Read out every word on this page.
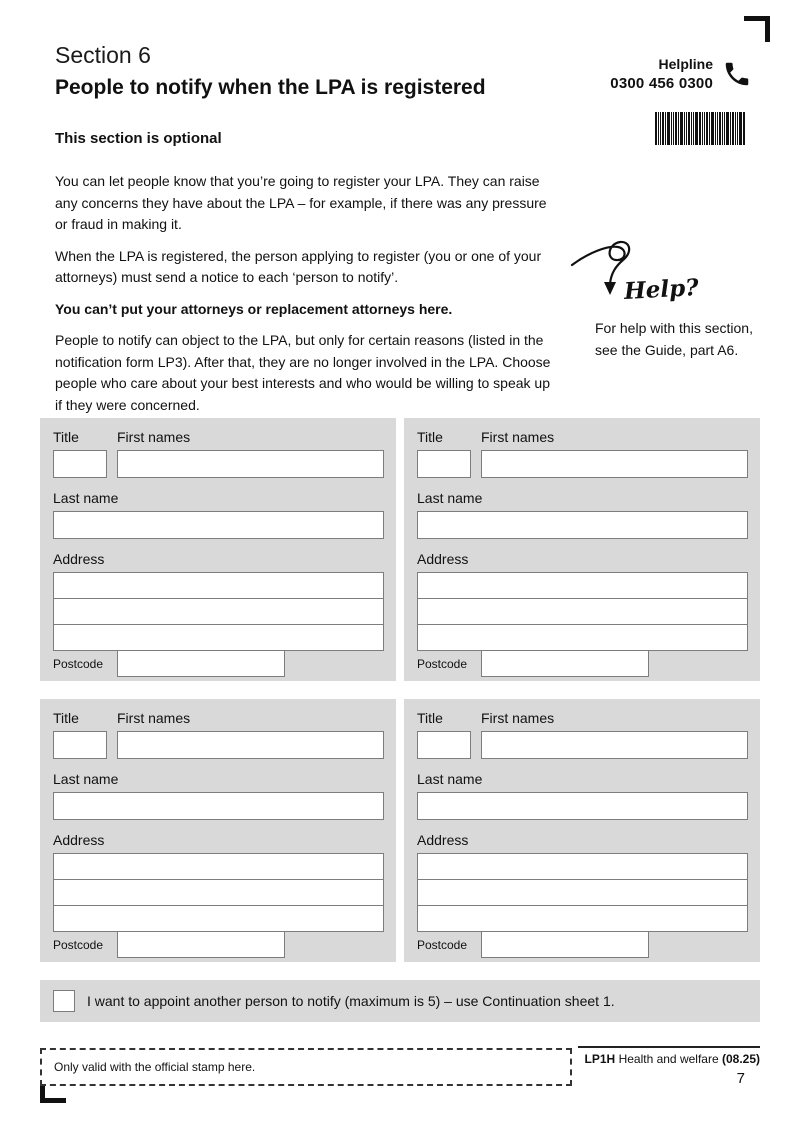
Section 6
People to notify when the LPA is registered
Helpline
0300 456 0300
This section is optional

You can let people know that you’re going to register your LPA. They can raise any concerns they have about the LPA – for example, if there was any pressure or fraud in making it.

When the LPA is registered, the person applying to register (you or one of your attorneys) must send a notice to each ‘person to notify’.

You can’t put your attorneys or replacement attorneys here.

People to notify can object to the LPA, but only for certain reasons (listed in the notification form LP3). After that, they are no longer involved in the LPA. Choose people who care about your best interests and who would be willing to speak up if they were concerned.

Help?
For help with this section, see the Guide, part A6.
Title	First names
Last name
Address
Postcode
Title	First names
Last name
Address
Postcode
Title	First names
Last name
Address
Postcode
Title	First names
Last name
Address
Postcode
I want to appoint another person to notify (maximum is 5) – use Continuation sheet 1.
Only valid with the official stamp here.
LP1H Health and welfare (08.25)
7
